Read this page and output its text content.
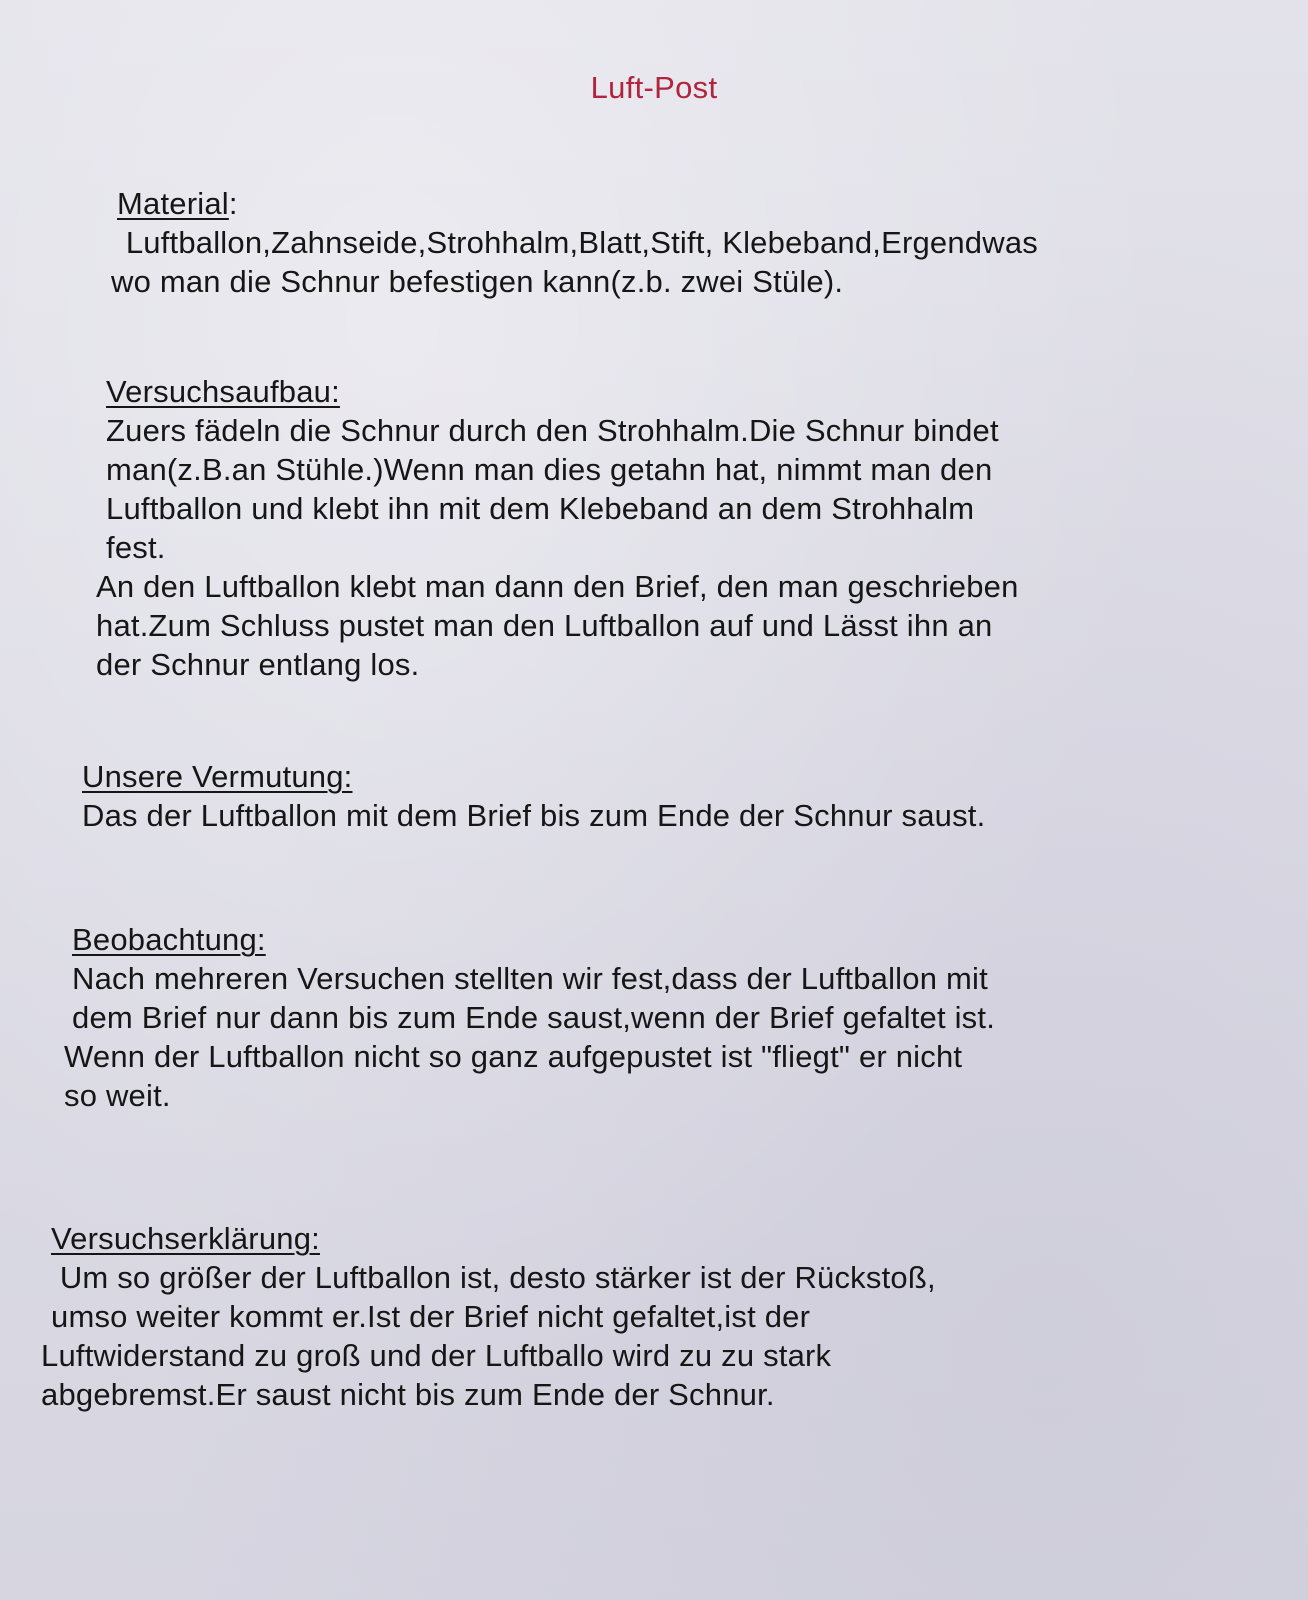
Luft-Post
Material:
Luftballon,Zahnseide,Strohhalm,Blatt,Stift, Klebeband,Ergendwas
wo man die Schnur befestigen kann(z.b. zwei Stüle).
Versuchsaufbau:
Zuers fädeln die Schnur durch den Strohhalm.Die Schnur bindet
man(z.B.an Stühle.)Wenn man dies getahn hat, nimmt man den
Luftballon und klebt ihn mit dem Klebeband an dem Strohhalm
fest.
An den Luftballon klebt man dann den Brief, den man geschrieben
hat.Zum Schluss pustet man den Luftballon auf und Lässt ihn an
der Schnur entlang los.
Unsere Vermutung:
Das der Luftballon mit dem Brief bis zum Ende der Schnur saust.
Beobachtung:
Nach mehreren Versuchen stellten wir fest,dass der Luftballon mit
dem Brief nur dann bis zum Ende saust,wenn der Brief gefaltet ist.
Wenn der Luftballon nicht so ganz aufgepustet ist "fliegt" er nicht
so weit.
Versuchserklärung:
Um so größer der Luftballon ist, desto stärker ist der Rückstoß,
umso weiter kommt er.Ist der Brief nicht gefaltet,ist der
Luftwiderstand zu groß und der Luftballo wird zu zu stark
abgebremst.Er saust nicht bis zum Ende der Schnur.
